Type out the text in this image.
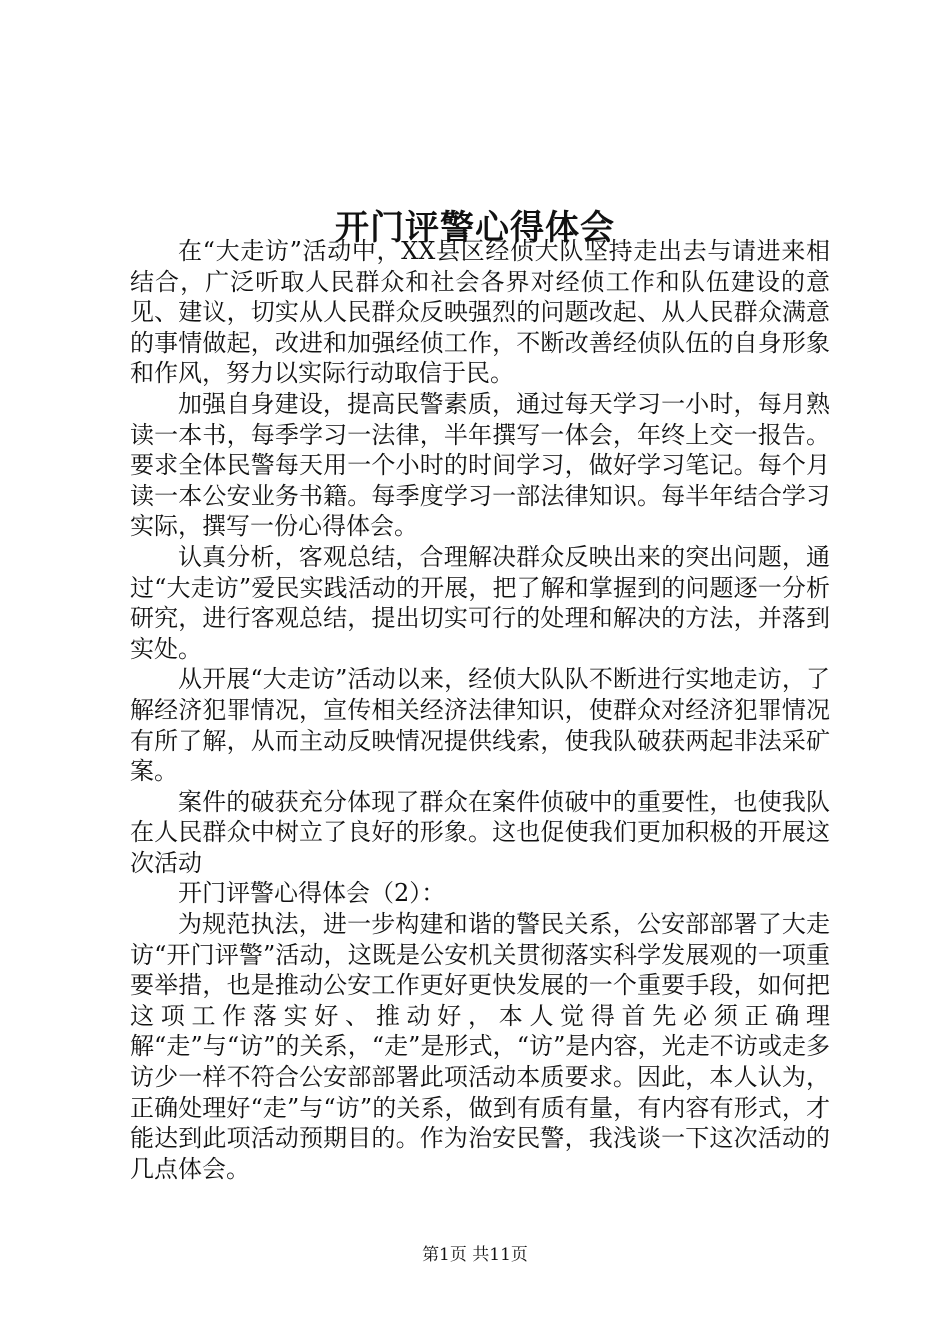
开门评警心得体会

在“大走访”活动中，XX县区经侦大队坚持走出去与请进来相结合，广泛听取人民群众和社会各界对经侦工作和队伍建设的意见、建议，切实从人民群众反映强烈的问题改起、从人民群众满意的事情做起，改进和加强经侦工作，不断改善经侦队伍的自身形象和作风，努力以实际行动取信于民。

加强自身建设，提高民警素质，通过每天学习一小时，每月熟读一本书，每季学习一法律，半年撰写一体会，年终上交一报告。要求全体民警每天用一个小时的时间学习，做好学习笔记。每个月读一本公安业务书籍。每季度学习一部法律知识。每半年结合学习实际，撰写一份心得体会。

认真分析，客观总结，合理解决群众反映出来的突出问题，通过“大走访”爱民实践活动的开展，把了解和掌握到的问题逐一分析研究，进行客观总结，提出切实可行的处理和解决的方法，并落到实处。

从开展“大走访”活动以来，经侦大队队不断进行实地走访，了解经济犯罪情况，宣传相关经济法律知识，使群众对经济犯罪情况有所了解，从而主动反映情况提供线索，使我队破获两起非法采矿案。

案件的破获充分体现了群众在案件侦破中的重要性，也使我队在人民群众中树立了良好的形象。这也促使我们更加积极的开展这次活动

开门评警心得体会（2）：

为规范执法，进一步构建和谐的警民关系，公安部部署了大走访“开门评警”活动，这既是公安机关贯彻落实科学发展观的一项重要举措，也是推动公安工作更好更快发展的一个重要手段，如何把这项工作落实好、推动好，本人觉得首先必须正确理解“走”与“访”的关系，“走”是形式，“访”是内容，光走不访或走多访少一样不符合公安部部署此项活动本质要求。因此，本人认为，正确处理好“走”与“访”的关系，做到有质有量，有内容有形式，才能达到此项活动预期目的。作为治安民警，我浅谈一下这次活动的几点体会。

第1页 共11页
